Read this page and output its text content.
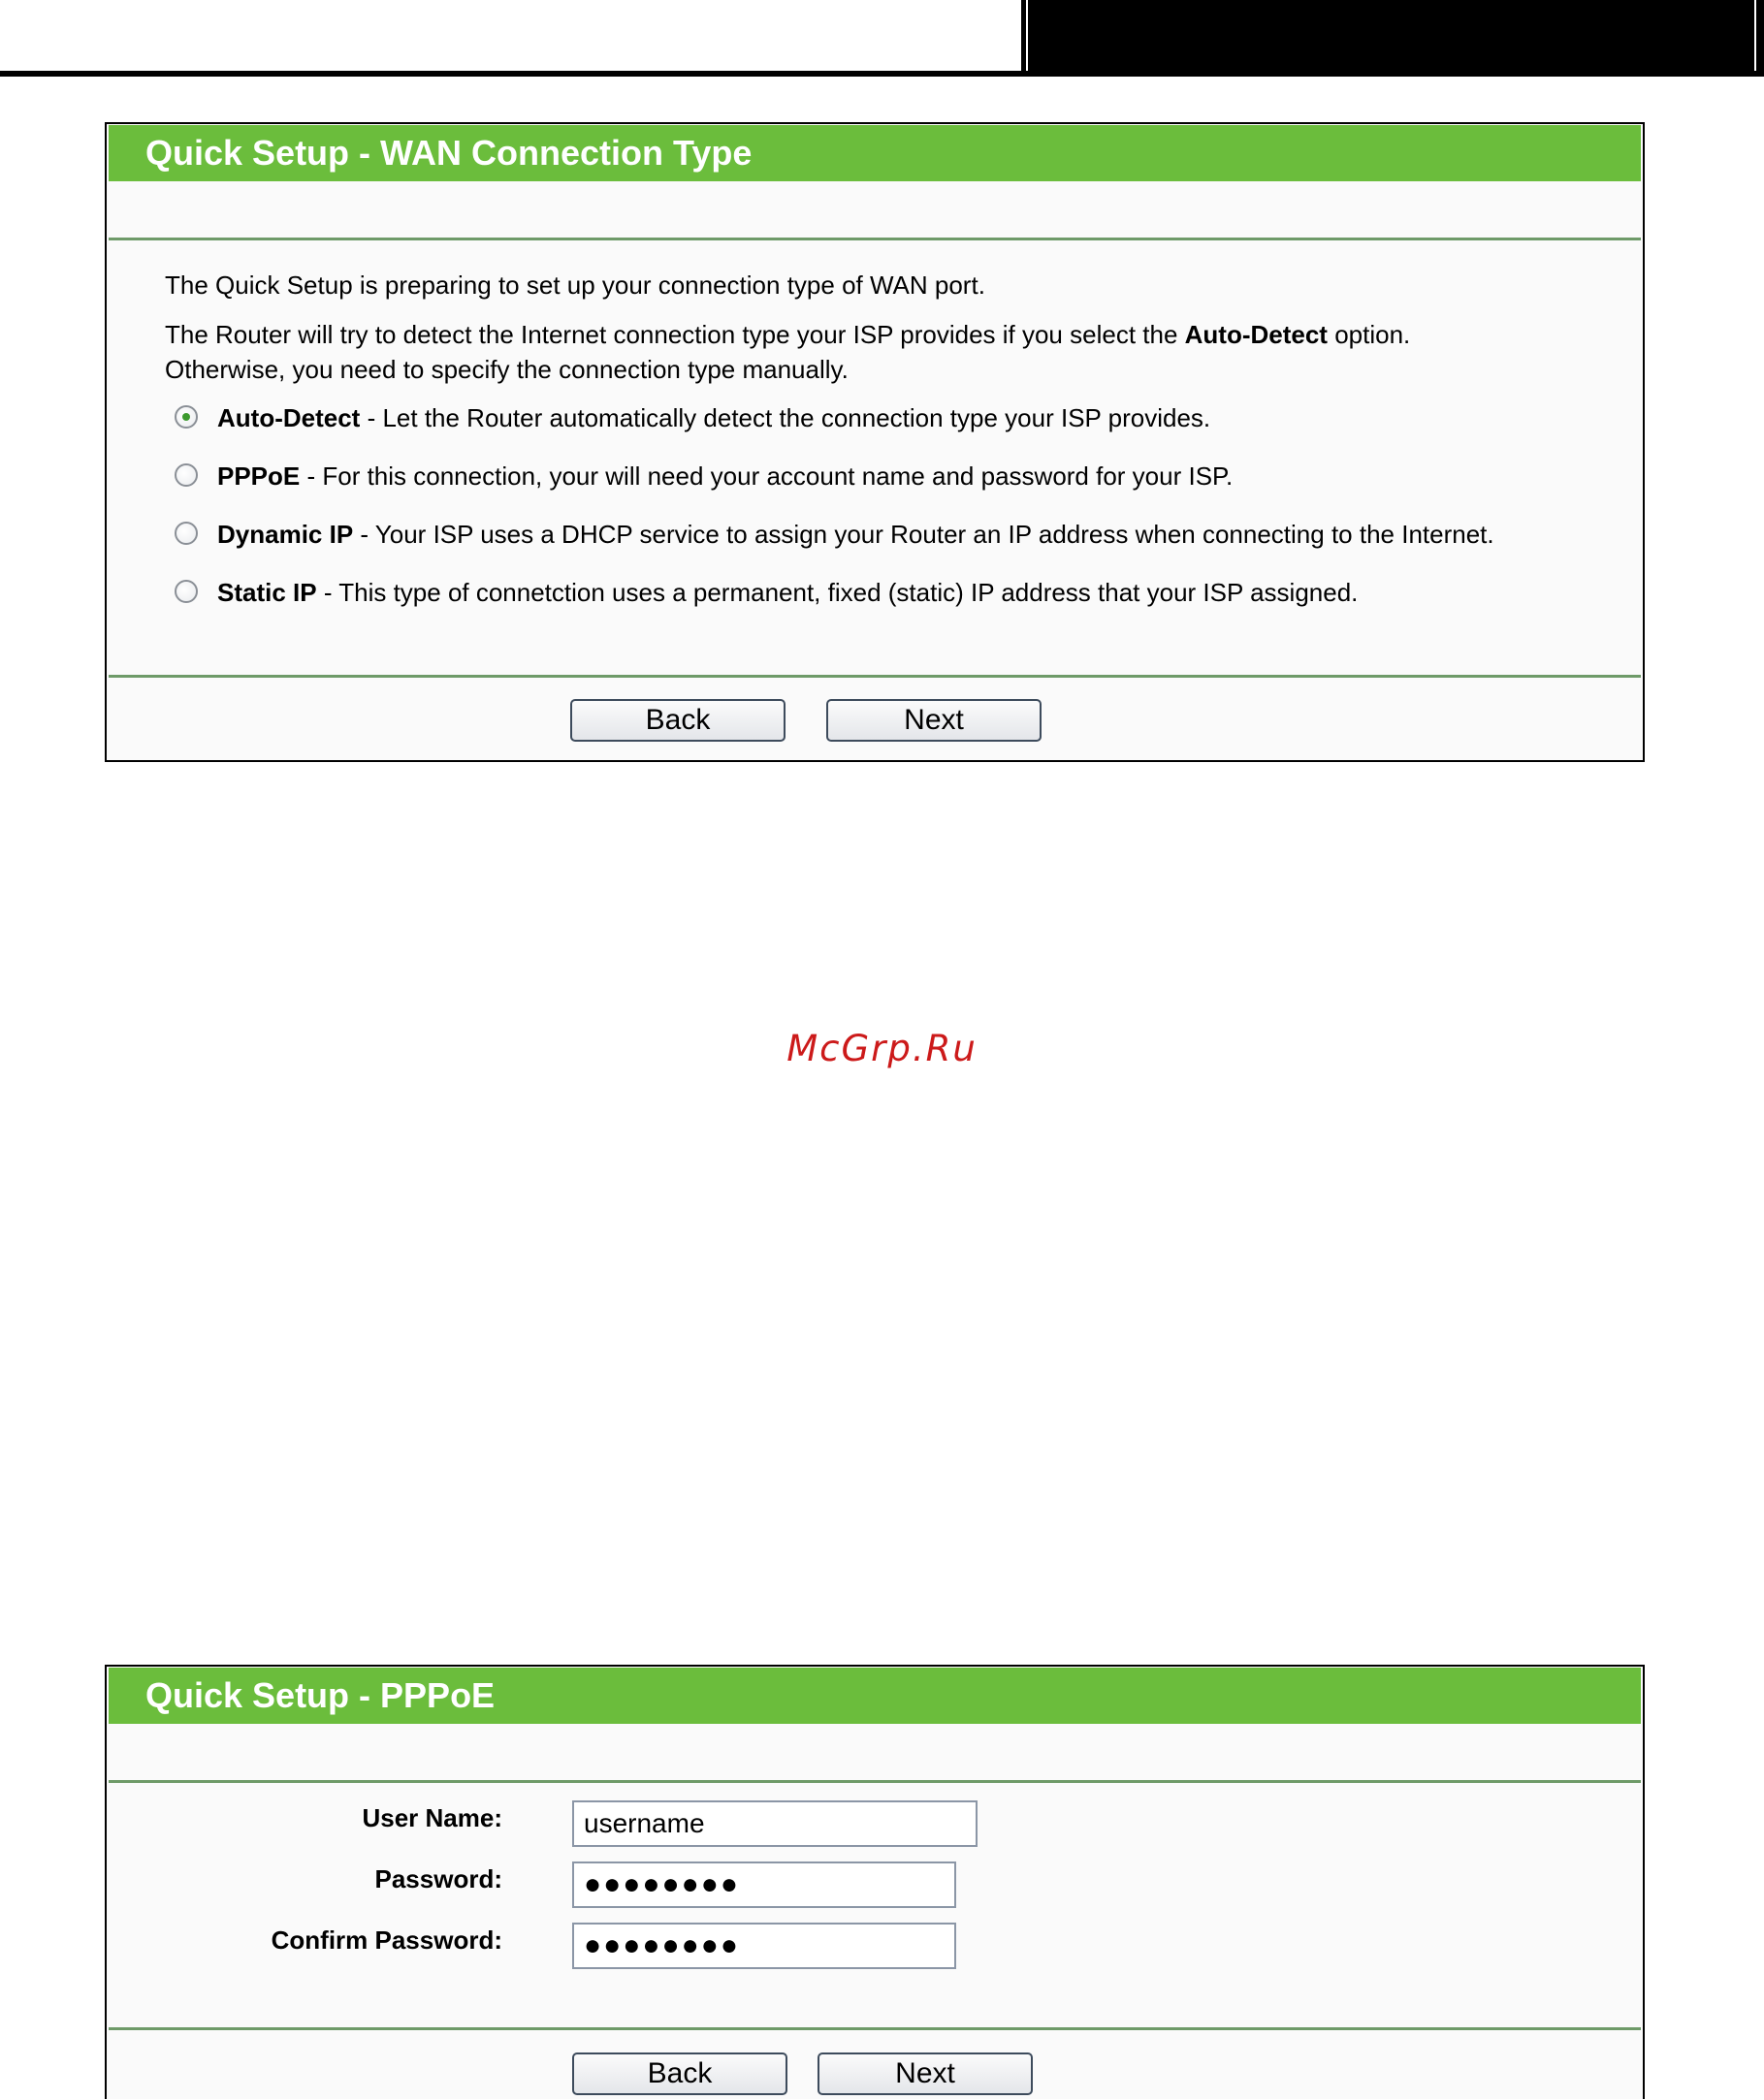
Quick Setup - WAN Connection Type
The Quick Setup is preparing to set up your connection type of WAN port.
The Router will try to detect the Internet connection type your ISP provides if you select the Auto-Detect option.
Otherwise, you need to specify the connection type manually.
Auto-Detect - Let the Router automatically detect the connection type your ISP provides.
PPPoE - For this connection, your will need your account name and password for your ISP.
Dynamic IP - Your ISP uses a DHCP service to assign your Router an IP address when connecting to the Internet.
Static IP - This type of connetction uses a permanent, fixed (static) IP address that your ISP assigned.
Back	Next
McGrp.Ru
Quick Setup - PPPoE
User Name:	username
Password:	●●●●●●●●
Confirm Password:	●●●●●●●●
Back	Next
